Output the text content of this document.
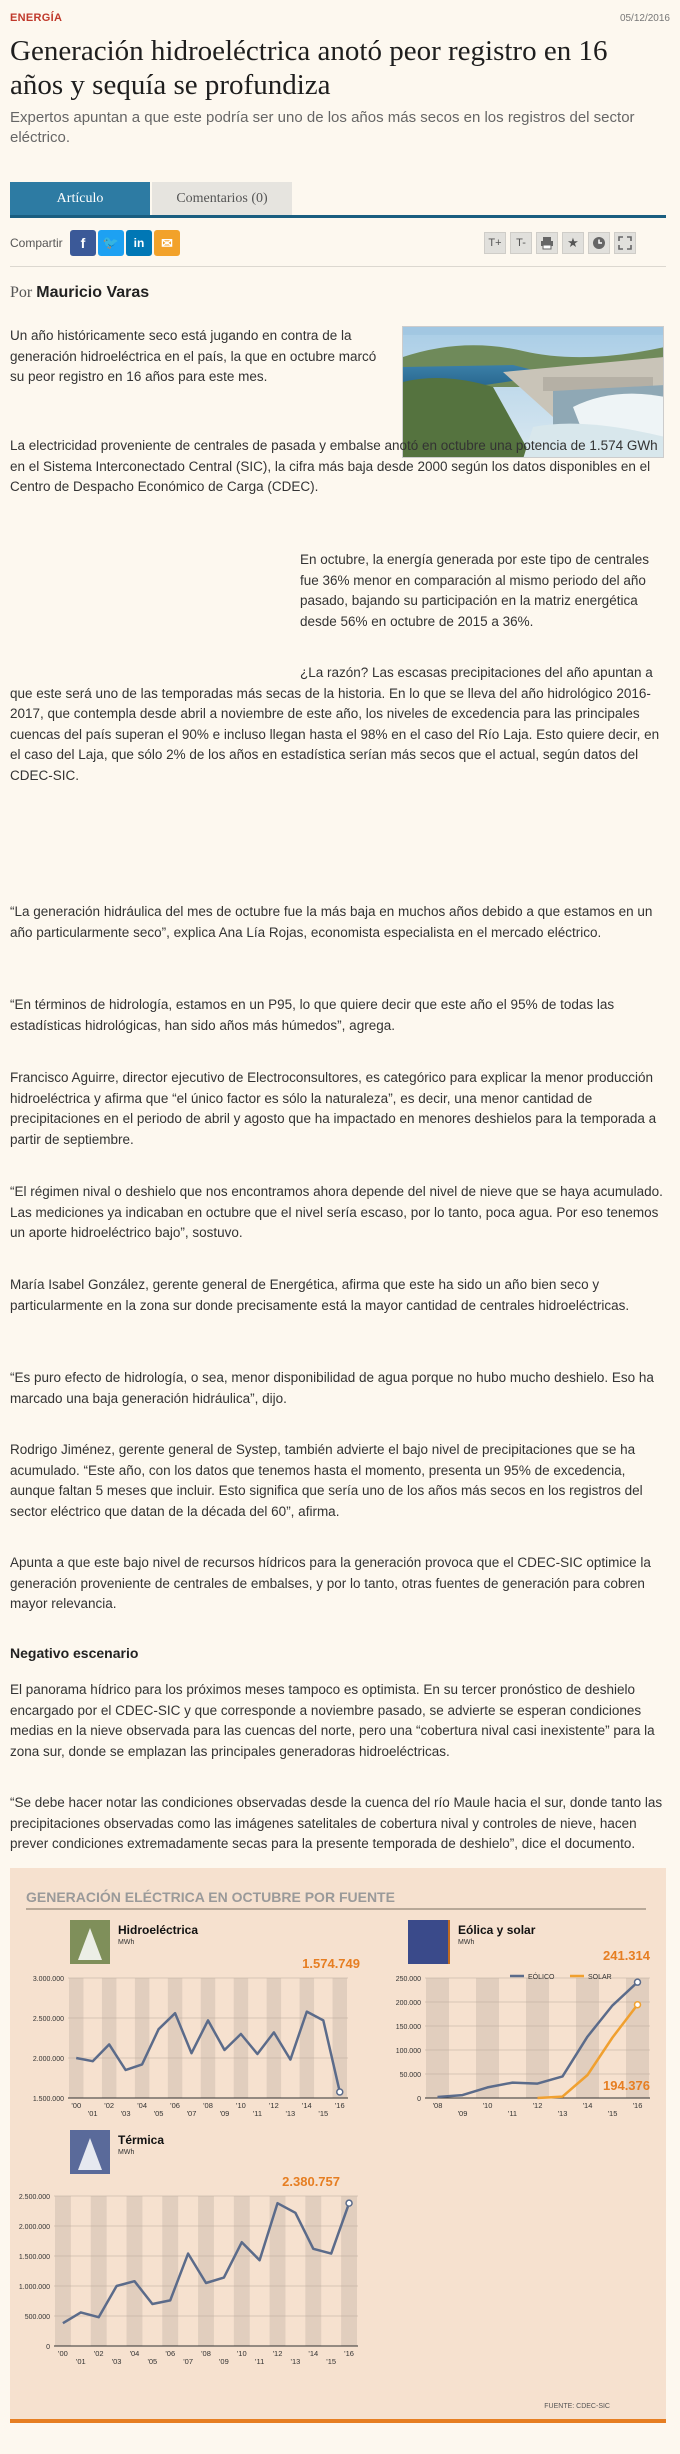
ENERGÍA	05/12/2016
Generación hidroeléctrica anotó peor registro en 16 años y sequía se profundiza

Expertos apuntan a que este podría ser uno de los años más secos en los registros del sector eléctrico.

Artículo	Comentarios (0)
Compartir f 🐦 in ✉	T+ T-	★
Por Mauricio Varas

Un año históricamente seco está jugando en contra de la generación hidroeléctrica en el país, la que en octubre marcó su peor registro en 16 años para este mes.

La electricidad proveniente de centrales de pasada y embalse anotó en octubre una potencia de 1.574 GWh en el Sistema Interconectado Central (SIC), la cifra más baja desde 2000 según los datos disponibles en el Centro de Despacho Económico de Carga (CDEC).

En octubre, la energía generada por este tipo de centrales fue 36% menor en comparación al mismo periodo del año pasado, bajando su participación en la matriz energética desde 56% en octubre de 2015 a 36%.

¿La razón? Las escasas precipitaciones del año apuntan a que este será uno de las temporadas más secas de la historia. En lo que se lleva del año hidrológico 2016-2017, que contempla desde abril a noviembre de este año, los niveles de excedencia para las principales cuencas del país superan el 90% e incluso llegan hasta el 98% en el caso del Río Laja. Esto quiere decir, en el caso del Laja, que sólo 2% de los años en estadística serían más secos que el actual, según datos del CDEC-SIC.

“La generación hidráulica del mes de octubre fue la más baja en muchos años debido a que estamos en un año particularmente seco”, explica Ana Lía Rojas, economista especialista en el mercado eléctrico.

“En términos de hidrología, estamos en un P95, lo que quiere decir que este año el 95% de todas las estadísticas hidrológicas, han sido años más húmedos”, agrega.

Francisco Aguirre, director ejecutivo de Electroconsultores, es categórico para explicar la menor producción hidroeléctrica y afirma que “el único factor es sólo la naturaleza”, es decir, una menor cantidad de precipitaciones en el periodo de abril y agosto que ha impactado en menores deshielos para la temporada a partir de septiembre.

“El régimen nival o deshielo que nos encontramos ahora depende del nivel de nieve que se haya acumulado. Las mediciones ya indicaban en octubre que el nivel sería escaso, por lo tanto, poca agua. Por eso tenemos un aporte hidroeléctrico bajo”, sostuvo.

María Isabel González, gerente general de Energética, afirma que este ha sido un año bien seco y particularmente en la zona sur donde precisamente está la mayor cantidad de centrales hidroeléctricas.

“Es puro efecto de hidrología, o sea, menor disponibilidad de agua porque no hubo mucho deshielo. Eso ha marcado una baja generación hidráulica”, dijo.

Rodrigo Jiménez, gerente general de Systep, también advierte el bajo nivel de precipitaciones que se ha acumulado. “Este año, con los datos que tenemos hasta el momento, presenta un 95% de excedencia, aunque faltan 5 meses que incluir. Esto significa que sería uno de los años más secos en los registros del sector eléctrico que datan de la década del 60”, afirma.

Apunta a que este bajo nivel de recursos hídricos para la generación provoca que el CDEC-SIC optimice la generación proveniente de centrales de embalses, y por lo tanto, otras fuentes de generación para cobren mayor relevancia.

Negativo escenario

El panorama hídrico para los próximos meses tampoco es optimista. En su tercer pronóstico de deshielo encargado por el CDEC-SIC y que corresponde a noviembre pasado, se advierte se esperan condiciones medias en la nieve observada para las cuencas del norte, pero una “cobertura nival casi inexistente” para la zona sur, donde se emplazan las principales generadoras hidroeléctricas.

“Se debe hacer notar las condiciones observadas desde la cuenca del río Maule hacia el sur, donde tanto las precipitaciones observadas como las imágenes satelitales de cobertura nival y controles de nieve, hacen prever condiciones extremadamente secas para la presente temporada de deshielo”, dice el documento.

GENERACIÓN ELÉCTRICA EN OCTUBRE POR FUENTE
FUENTE: CDEC-SIC
Hidroeléctrica
MWh
1.500.000
2.000.000
2.500.000
3.000.000
'00
'01
'02
'03
'04
'05
'06
'07
'08
'09
'10
'11
'12
'13
'14
'15
'16
1.574.749
Eólica y solar
MWh
0
50.000
100.000
150.000
200.000
250.000
'08
'09
'10
'11
'12
'13
'14
'15
'16
EÓLICO	SOLAR
241.314
194.376
Térmica
MWh
0
500.000
1.000.000
1.500.000
2.000.000
2.500.000
'00
'01
'02
'03
'04
'05
'06
'07
'08
'09
'10
'11
'12
'13
'14
'15
'16
2.380.757
